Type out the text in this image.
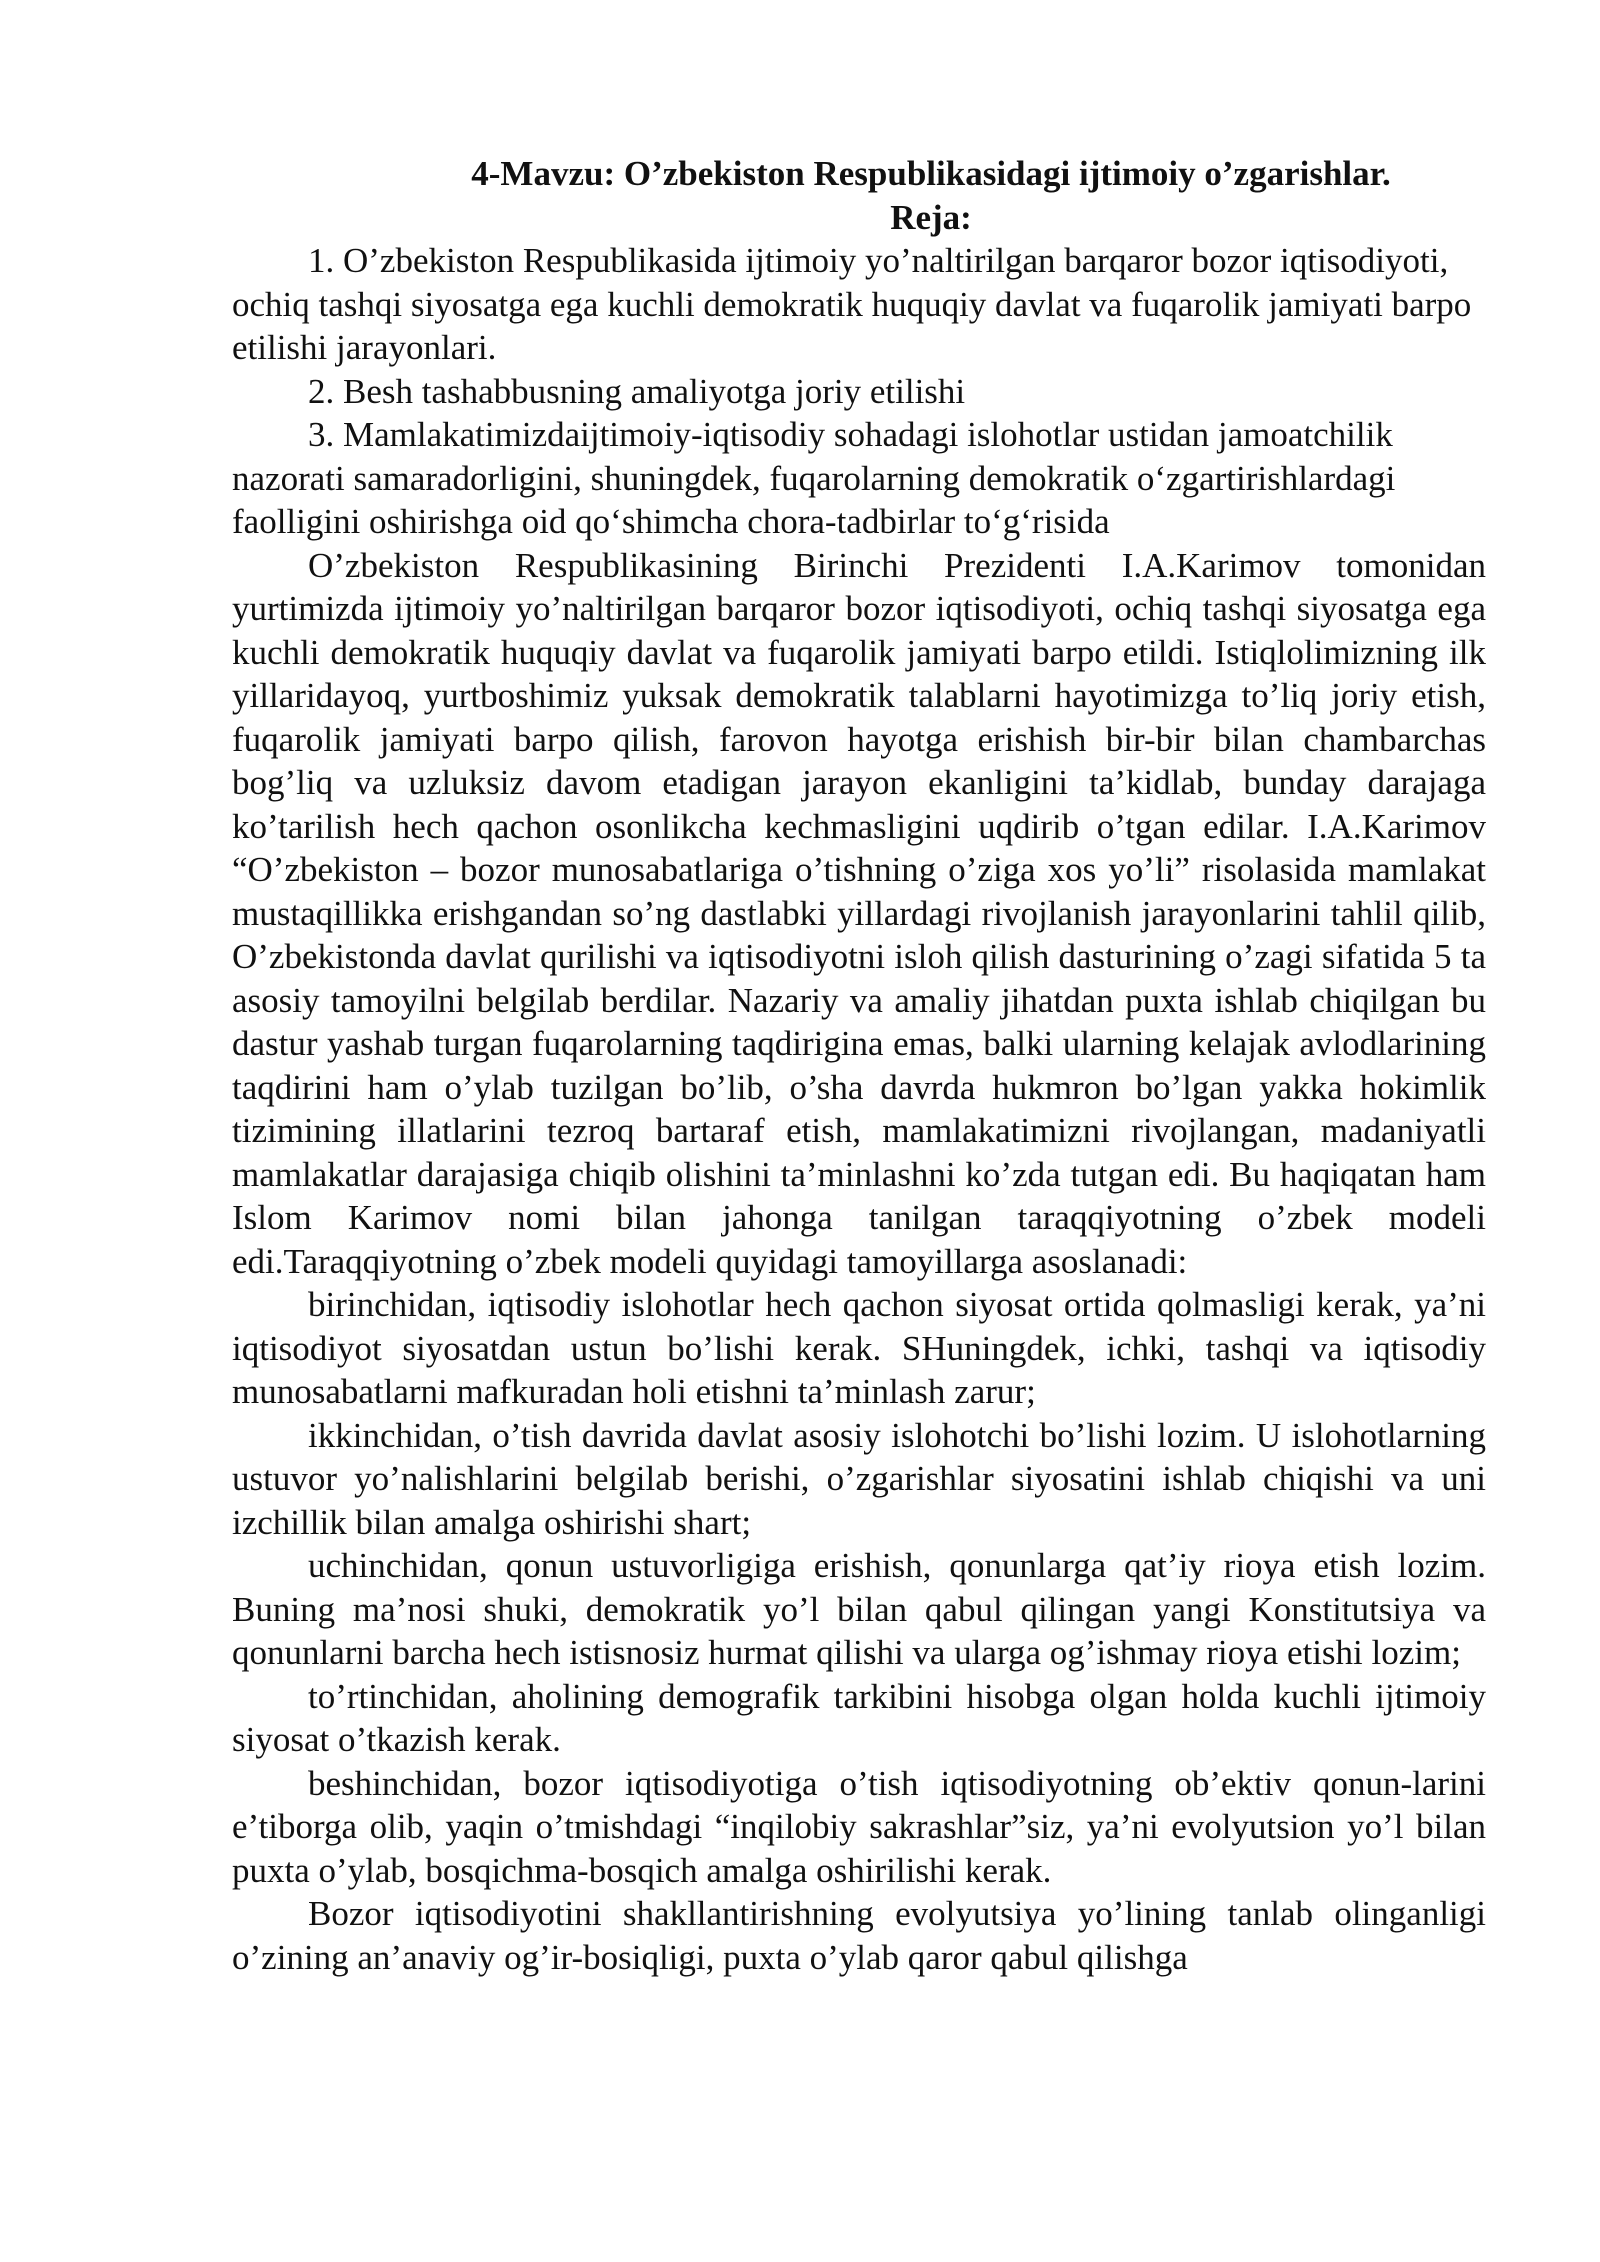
4-Mavzu: O’zbekiston Respublikasidagi ijtimoiy o’zgarishlar.

Reja:

1. O’zbekiston Respublikasida ijtimoiy yo’naltirilgan barqaror bozor iqtisodiyoti, ochiq tashqi siyosatga ega kuchli demokratik huquqiy davlat va fuqarolik jamiyati barpo etilishi jarayonlari.

2. Besh tashabbusning amaliyotga joriy etilishi

3. Mamlakatimizdaijtimoiy-iqtisodiy sohadagi islohotlar ustidan jamoatchilik nazorati samaradorligini, shuningdek, fuqarolarning demokratik o‘zgartirishlardagi faolligini oshirishga oid qo‘shimcha chora-tadbirlar to‘g‘risida

O’zbekiston Respublikasining Birinchi Prezidenti I.A.Karimov tomonidan yurtimizda ijtimoiy yo’naltirilgan barqaror bozor iqtisodiyoti, ochiq tashqi siyosatga ega kuchli demokratik huquqiy davlat va fuqarolik jamiyati barpo etildi. Istiqlolimizning ilk yillaridayoq, yurtboshimiz yuksak demokratik talablarni hayotimizga to’liq joriy etish, fuqarolik jamiyati barpo qilish, farovon hayotga erishish bir-bir bilan chambarchas bog’liq va uzluksiz davom etadigan jarayon ekanligini ta’kidlab, bunday darajaga ko’tarilish hech qachon osonlikcha kechmasligini uqdirib o’tgan edilar. I.A.Karimov “O’zbekiston – bozor munosabatlariga o’tishning o’ziga xos yo’li” risolasida mamlakat mustaqillikka erishgandan so’ng dastlabki yillardagi rivojlanish jarayonlarini tahlil qilib, O’zbekistonda davlat qurilishi va iqtisodiyotni isloh qilish dasturining o’zagi sifatida 5 ta asosiy tamoyilni belgilab berdilar. Nazariy va amaliy jihatdan puxta ishlab chiqilgan bu dastur yashab turgan fuqarolarning taqdirigina emas, balki ularning kelajak avlodlarining taqdirini ham o’ylab tuzilgan bo’lib, o’sha davrda hukmron bo’lgan yakka hokimlik tizimining illatlarini tezroq bartaraf etish, mamlakatimizni rivojlangan, madaniyatli mamlakatlar darajasiga chiqib olishini ta’minlashni ko’zda tutgan edi. Bu haqiqatan ham Islom Karimov nomi bilan jahonga tanilgan taraqqiyotning o’zbek modeli edi.Taraqqiyotning o’zbek modeli quyidagi tamoyillarga asoslanadi:

birinchidan, iqtisodiy islohotlar hech qachon siyosat ortida qolmasligi kerak, ya’ni iqtisodiyot siyosatdan ustun bo’lishi kerak. SHuningdek, ichki, tashqi va iqtisodiy munosabatlarni mafkuradan holi etishni ta’minlash zarur;

ikkinchidan, o’tish davrida davlat asosiy islohotchi bo’lishi lozim. U islohotlarning ustuvor yo’nalishlarini belgilab berishi, o’zgarishlar siyosatini ishlab chiqishi va uni izchillik bilan amalga oshirishi shart;

uchinchidan, qonun ustuvorligiga erishish, qonunlarga qat’iy rioya etish lozim. Buning ma’nosi shuki, demokratik yo’l bilan qabul qilingan yangi Konstitutsiya va qonunlarni barcha hech istisnosiz hurmat qilishi va ularga og’ishmay rioya etishi lozim;

to’rtinchidan, aholining demografik tarkibini hisobga olgan holda kuchli ijtimoiy siyosat o’tkazish kerak.

beshinchidan, bozor iqtisodiyotiga o’tish iqtisodiyotning ob’ektiv qonun-larini e’tiborga olib, yaqin o’tmishdagi “inqilobiy sakrashlar”siz, ya’ni evolyutsion yo’l bilan puxta o’ylab, bosqichma-bosqich amalga oshirilishi kerak.

Bozor iqtisodiyotini shakllantirishning evolyutsiya yo’lining tanlab olinganligi o’zining an’anaviy og’ir-bosiqligi, puxta o’ylab qaror qabul qilishga
